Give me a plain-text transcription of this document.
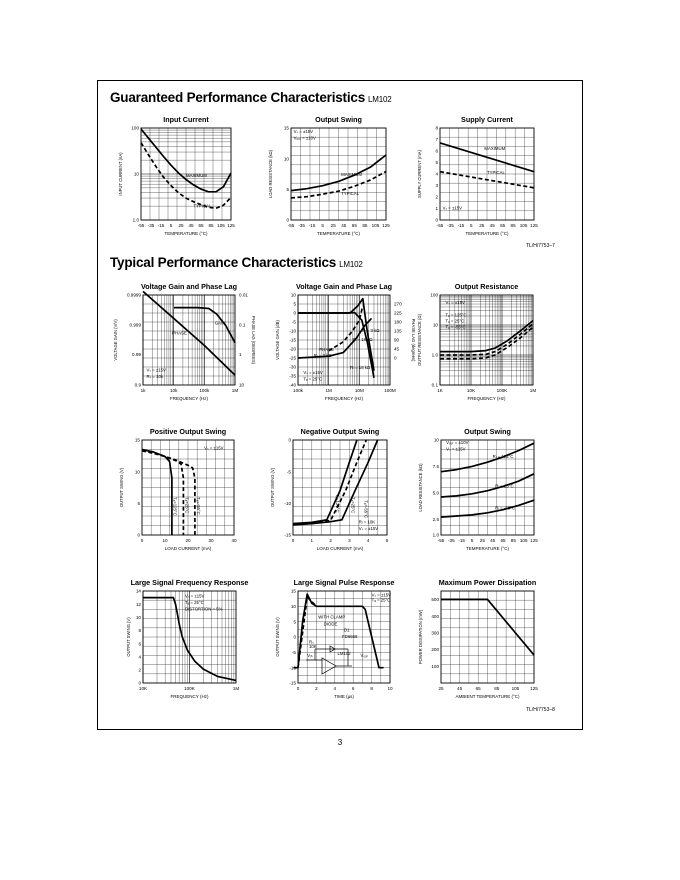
Guaranteed Performance Characteristics LM102
Typical Performance Characteristics LM102
TL/H/7753–7
TL/H/7753–8
3
Input Current
-55 -35 -15 5 25 45 65 85 105 125
1.0
10
100
TEMPERATURE (°C)
INPUT CURRENT (nA)	MAXIMUM
TYPICAL
Output Swing
-55 -35 -15 5 25 45 65 85 105 125
0
5
10
15
TEMPERATURE (°C)
LOAD RESISTANCE (kΩ)
Vₛ = ±15V
Vₒᵤₜ = ±10V
MAXIMUM
TYPICAL
Supply Current
-55 -35 -15 5 25 45 65 85 105 125
0
1
2
3
4
5
6
7
8
TEMPERATURE (°C)
SUPPLY CURRENT (mA)
MAXIMUM
TYPICAL
Vₛ = ±15V
Voltage Gain and Phase Lag
1k	10k	100k	1M
0.9999
0.999
0.99
0.9
0.01
0.1
1
10
FREQUENCY (Hz)
VOLTAGE GAIN (V/V)	PHASE LAG (DEGREES)
GAIN
PHASE
Vₛ = ±15V
Rₛ = 10k
Voltage Gain and Phase Lag
100k	1M	10M	100M
10
5
0
-5
-10
-15
-20
-25
-30
-35
-40
270
225
180
135
90
45
0
FREQUENCY (Hz)
VOLTAGE GAIN (dB)	PHASE LAG (degrees)
Rₗ = 3 kΩ
Rₗ = 18 kΩ
PHASE
Rₗ = 3 kΩ
Rₗ = 18 kΩ
Vₛ = ±15V
Tₐ = 25°C
Output Resistance
1K	10K	100K	1M
0.1
1.0
10
100
FREQUENCY (Hz)
OUTPUT RESISTANCE (Ω)
Vₛ = ±15V
Tₐ = 125°C
Tₐ = 25°C
Tₐ = -55°C
Positive Output Swing
0	10	20	30	40
0
5
10
15
LOAD CURRENT (mA)
OUTPUT SWING (V)
Vₛ = ±15V
Tₐ=125°C Tₐ=25°C Tₐ=-55°C
Negative Output Swing
0	1	2	3	4	5
-15
-10
-5
0
LOAD CURRENT (mA)
OUTPUT SWING (V)
Vₛ = ±15V
Rₗ = 10K
Tₐ=125°C Tₐ=25°C Tₐ=-55°C
Output Swing
-55 -35 -15 5 25 45 65 85 105 125
1.0
2.5
5.0
7.5
10
TEMPERATURE (°C)
LOAD RESISTANCE (kΩ)
Vₒᵤₜ = ±10V
Vₛ = ±15V
Rₗ = 125°C
Rₗ = 25°C
Rₗ = -55°C
Large Signal Frequency Response
10K	100K	1M
0
2
4
6
8
10
12
14
FREQUENCY (Hz)
OUTPUT SWING (V)
Vₛ = ±15V
Tₐ = 25°C
DISTORTION = 5%
Large Signal Pulse Response
0	2	4	6	8	10
15
10
5
0
-5
-10
-15
TIME (µs)
OUTPUT SWING (V)
Vₛ = ±15V
Tₐ = 25°C
WITH CLAMP
DIODE
D1
FD6666
Rₛ
10K
LM102
Vᵢₙ	Vₒᵤₜ
Maximum Power Dissipation
25	45	65	85	105 125
100
200
300
400
500
AMBIENT TEMPERATURE (°C)
POWER DISSIPATION (mW)
